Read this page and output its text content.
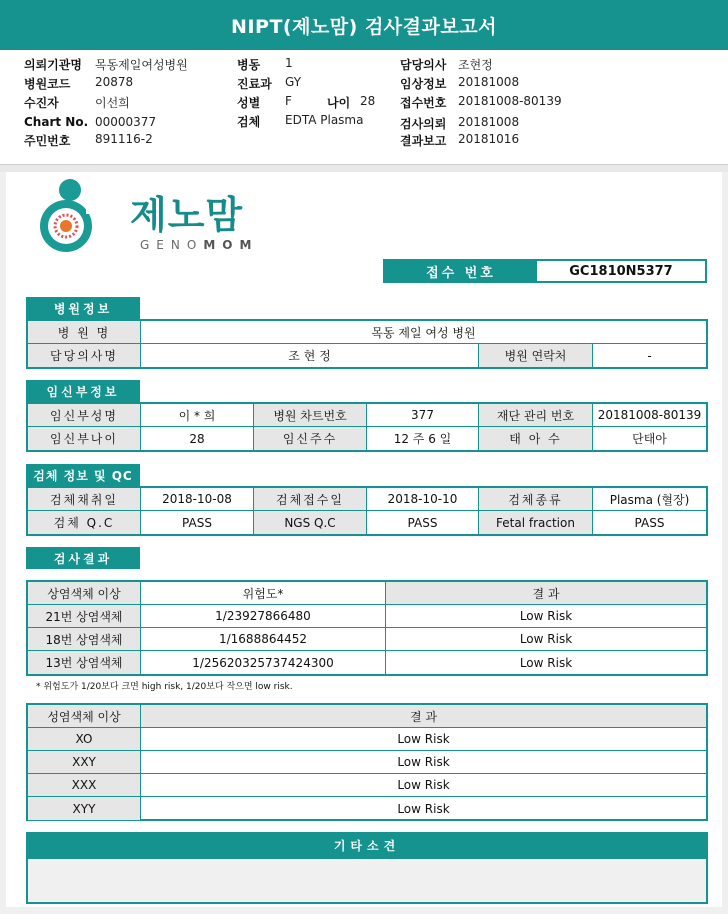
NIPT(제노맘) 검사결과보고서
의뢰기관명 목동제일여성병원
병원코드 20878
수진자	이선희
Chart No. 00000377
주민번호 891116-2
병동 1
진료과 GY
성별 F	나이 28
검체 EDTA Plasma
담당의사 조현정
임상정보 20181008
접수번호 20181008-80139
검사의뢰 20181008
결과보고 20181016
제노맘
GENOMOM
접수 번호	GC1810N5377
병원정보
병 원 명	목동 제일 여성 병원
담당의사명	조 현 정	병원 연락처	-
임신부정보
임신부성명	이 * 희	병원 차트번호	377	재단 관리 번호	20181008-80139
임신부나이	28	임신주수	12 주 6 일	태 아 수	단태아
검체 정보 및 QC
검체채취일	2018-10-08	검체접수일	2018-10-10	검체종류	Plasma (혈장)
검체 Q.C	PASS	NGS Q.C	PASS	Fetal fraction	PASS
검사결과
상염색체 이상	위험도*	결 과
21번 상염색체	1/23927866480	Low Risk
18번 상염색체	1/1688864452	Low Risk
13번 상염색체	1/25620325737424300	Low Risk
* 위험도가 1/20보다 크면 high risk, 1/20보다 작으면 low risk.
성염색체 이상	결 과
XO	Low Risk
XXY	Low Risk
XXX	Low Risk
XYY	Low Risk
기타소견
